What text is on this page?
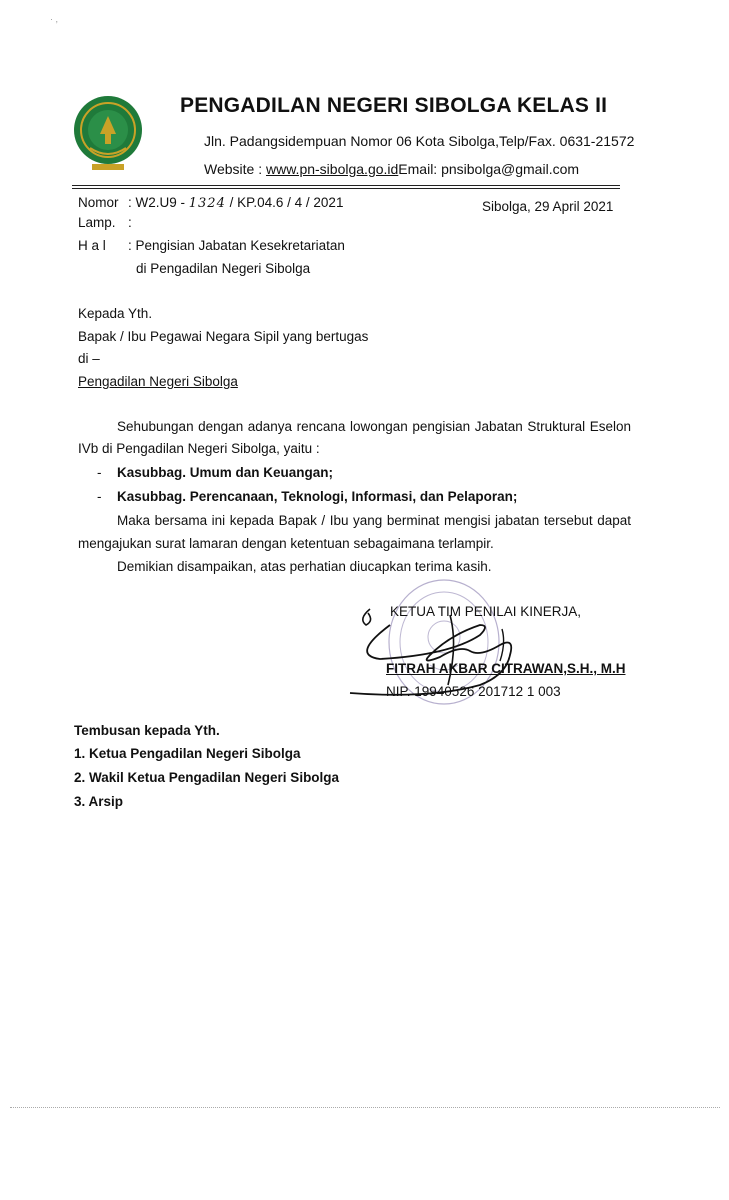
· ,
PENGADILAN NEGERI SIBOLGA KELAS II
Jln. Padangsidempuan Nomor 06 Kota Sibolga,Telp/Fax. 0631-21572
Website : www.pn-sibolga.go.idEmail: pnsibolga@gmail.com
Nomor : W2.U9 - 1324 / KP.04.6 / 4 / 2021	Sibolga, 29 April 2021
Lamp. :
H a l : Pengisian Jabatan Kesekretariatan
di Pengadilan Negeri Sibolga
Kepada Yth.
Bapak / Ibu Pegawai Negara Sipil yang bertugas
di –
Pengadilan Negeri Sibolga
Sehubungan dengan adanya rencana lowongan pengisian Jabatan Struktural Eselon
IVb di Pengadilan Negeri Sibolga, yaitu :
- Kasubbag. Umum dan Keuangan;
- Kasubbag. Perencanaan, Teknologi, Informasi, dan Pelaporan;
Maka bersama ini kepada Bapak / Ibu yang berminat mengisi jabatan tersebut dapat
mengajukan surat lamaran dengan ketentuan sebagaimana terlampir.
Demikian disampaikan, atas perhatian diucapkan terima kasih.
KETUA TIM PENILAI KINERJA,
FITRAH AKBAR CITRAWAN,S.H., M.H
NIP. 19940526 201712 1 003
Tembusan kepada Yth.
1. Ketua Pengadilan Negeri Sibolga
2. Wakil Ketua Pengadilan Negeri Sibolga
3. Arsip
